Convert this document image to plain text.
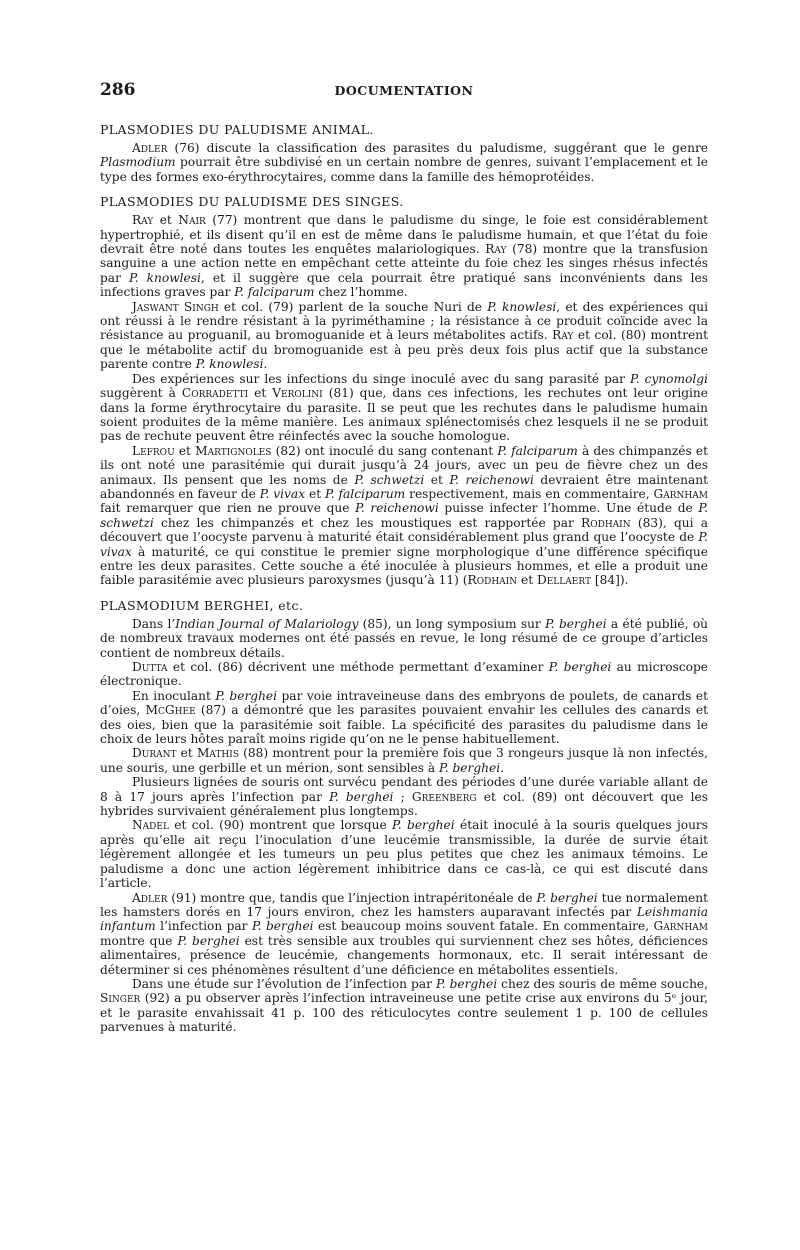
286	DOCUMENTATION
PLASMODIES DU PALUDISME ANIMAL.

Adler (76) discute la classification des parasites du paludisme, suggérant que le genre Plasmodium pourrait être subdivisé en un certain nombre de genres, suivant l’emplacement et le type des formes exo-érythrocytaires, comme dans la famille des hémoprotéides.

PLASMODIES DU PALUDISME DES SINGES.

Ray et Nair (77) montrent que dans le paludisme du singe, le foie est considérablement hypertrophié, et ils disent qu’il en est de même dans le paludisme humain, et que l’état du foie devrait être noté dans toutes les enquêtes malariologiques. Ray (78) montre que la transfusion sanguine a une action nette en empêchant cette atteinte du foie chez les singes rhésus infectés par P. knowlesi, et il suggère que cela pourrait être pratiqué sans inconvénients dans les infections graves par P. falciparum chez l’homme.

Jaswant Singh et col. (79) parlent de la souche Nuri de P. knowlesi, et des expériences qui ont réussi à le rendre résistant à la pyriméthamine ; la résistance à ce produit coïncide avec la résistance au proguanil, au bromoguanide et à leurs métabolites actifs. Ray et col. (80) montrent que le métabolite actif du bromoguanide est à peu près deux fois plus actif que la substance parente contre P. knowlesi.

Des expériences sur les infections du singe inoculé avec du sang parasité par P. cynomolgi suggèrent à Corradetti et Verolini (81) que, dans ces infections, les rechutes ont leur origine dans la forme érythrocytaire du parasite. Il se peut que les rechutes dans le paludisme humain soient produites de la même manière. Les animaux splénectomisés chez lesquels il ne se produit pas de rechute peuvent être réinfectés avec la souche homologue.

Lefrou et Martignoles (82) ont inoculé du sang contenant P. falciparum à des chimpanzés et ils ont noté une parasitémie qui durait jusqu’à 24 jours, avec un peu de fièvre chez un des animaux. Ils pensent que les noms de P. schwetzi et P. reichenowi devraient être maintenant abandonnés en faveur de P. vivax et P. falciparum respectivement, mais en commentaire, Garnham fait remarquer que rien ne prouve que P. reichenowi puisse infecter l’homme. Une étude de P. schwetzi chez les chimpanzés et chez les moustiques est rapportée par Rodhain (83), qui a découvert que l’oocyste parvenu à maturité était considérablement plus grand que l’oocyste de P. vivax à maturité, ce qui constitue le premier signe morphologique d’une différence spécifique entre les deux parasites. Cette souche a été inoculée à plusieurs hommes, et elle a produit une faible parasitémie avec plusieurs paroxysmes (jusqu’à 11) (Rodhain et Dellaert [84]).

PLASMODIUM BERGHEI, etc.

Dans l’Indian Journal of Malariology (85), un long symposium sur P. berghei a été publié, où de nombreux travaux modernes ont été passés en revue, le long résumé de ce groupe d’articles contient de nombreux détails.

Dutta et col. (86) décrivent une méthode permettant d’examiner P. berghei au microscope électronique.

En inoculant P. berghei par voie intraveineuse dans des embryons de poulets, de canards et d’oies, McGhee (87) a démontré que les parasites pouvaient envahir les cellules des canards et des oies, bien que la parasitémie soit faible. La spécificité des parasites du paludisme dans le choix de leurs hôtes paraît moins rigide qu’on ne le pense habituellement.

Durant et Mathis (88) montrent pour la première fois que 3 rongeurs jusque là non infectés, une souris, une gerbille et un mérion, sont sensibles à P. berghei.

Plusieurs lignées de souris ont survécu pendant des périodes d’une durée variable allant de 8 à 17 jours après l’infection par P. berghei ; Greenberg et col. (89) ont découvert que les hybrides survivaient généralement plus longtemps.

Nadel et col. (90) montrent que lorsque P. berghei était inoculé à la souris quelques jours après qu’elle ait reçu l’inoculation d’une leucémie transmissible, la durée de survie était légèrement allongée et les tumeurs un peu plus petites que chez les animaux témoins. Le paludisme a donc une action légèrement inhibitrice dans ce cas-là, ce qui est discuté dans l’article.

Adler (91) montre que, tandis que l’injection intrapéritonéale de P. berghei tue normalement les hamsters dorés en 17 jours environ, chez les hamsters auparavant infectés par Leishmania infantum l’infection par P. berghei est beaucoup moins souvent fatale. En commentaire, Garnham montre que P. berghei est très sensible aux troubles qui surviennent chez ses hôtes, déficiences alimentaires, présence de leucémie, changements hormonaux, etc. Il serait intéressant de déterminer si ces phénomènes résultent d’une déficience en métabolites essentiels.

Dans une étude sur l’évolution de l’infection par P. berghei chez des souris de même souche, Singer (92) a pu observer après l’infection intraveineuse une petite crise aux environs du 5ᵉ jour, et le parasite envahissait 41 p. 100 des réticulocytes contre seulement 1 p. 100 de cellules parvenues à maturité.
